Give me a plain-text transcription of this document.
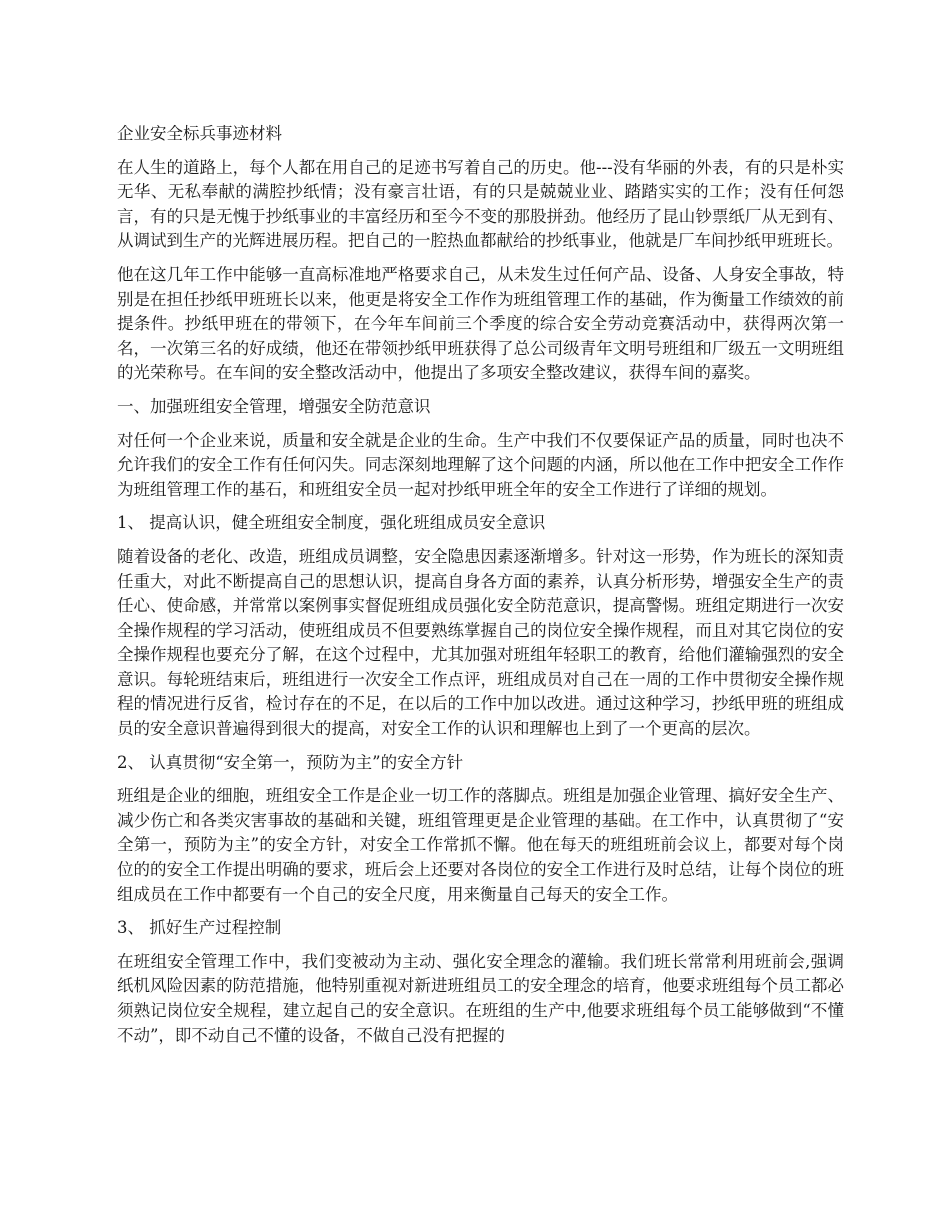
企业安全标兵事迹材料
在人生的道路上，每个人都在用自己的足迹书写着自己的历史。他---没有华丽的外表，有的只是朴实无华、无私奉献的满腔抄纸情；没有豪言壮语，有的只是兢兢业业、踏踏实实的工作；没有任何怨言，有的只是无愧于抄纸事业的丰富经历和至今不变的那股拼劲。他经历了昆山钞票纸厂从无到有、从调试到生产的光辉进展历程。把自己的一腔热血都献给的抄纸事业，他就是厂车间抄纸甲班班长。
他在这几年工作中能够一直高标准地严格要求自己，从未发生过任何产品、设备、人身安全事故，特别是在担任抄纸甲班班长以来，他更是将安全工作作为班组管理工作的基础，作为衡量工作绩效的前提条件。抄纸甲班在的带领下，在今年车间前三个季度的综合安全劳动竞赛活动中，获得两次第一名，一次第三名的好成绩，他还在带领抄纸甲班获得了总公司级青年文明号班组和厂级五一文明班组的光荣称号。在车间的安全整改活动中，他提出了多项安全整改建议，获得车间的嘉奖。
一、加强班组安全管理，增强安全防范意识
对任何一个企业来说，质量和安全就是企业的生命。生产中我们不仅要保证产品的质量，同时也决不允许我们的安全工作有任何闪失。同志深刻地理解了这个问题的内涵，所以他在工作中把安全工作作为班组管理工作的基石，和班组安全员一起对抄纸甲班全年的安全工作进行了详细的规划。
1、 提高认识，健全班组安全制度，强化班组成员安全意识
随着设备的老化、改造，班组成员调整，安全隐患因素逐渐增多。针对这一形势，作为班长的深知责任重大，对此不断提高自己的思想认识，提高自身各方面的素养，认真分析形势，增强安全生产的责任心、使命感，并常常以案例事实督促班组成员强化安全防范意识，提高警惕。班组定期进行一次安全操作规程的学习活动，使班组成员不但要熟练掌握自己的岗位安全操作规程，而且对其它岗位的安全操作规程也要充分了解，在这个过程中，尤其加强对班组年轻职工的教育，给他们灌输强烈的安全意识。每轮班结束后，班组进行一次安全工作点评，班组成员对自己在一周的工作中贯彻安全操作规程的情况进行反省，检讨存在的不足，在以后的工作中加以改进。通过这种学习，抄纸甲班的班组成员的安全意识普遍得到很大的提高，对安全工作的认识和理解也上到了一个更高的层次。
2、 认真贯彻“安全第一，预防为主”的安全方针
班组是企业的细胞，班组安全工作是企业一切工作的落脚点。班组是加强企业管理、搞好安全生产、减少伤亡和各类灾害事故的基础和关键，班组管理更是企业管理的基础。在工作中，认真贯彻了“安全第一，预防为主”的安全方针，对安全工作常抓不懈。他在每天的班组班前会议上，都要对每个岗位的的安全工作提出明确的要求，班后会上还要对各岗位的安全工作进行及时总结，让每个岗位的班组成员在工作中都要有一个自己的安全尺度，用来衡量自己每天的安全工作。
3、 抓好生产过程控制
在班组安全管理工作中，我们变被动为主动、强化安全理念的灌输。我们班长常常利用班前会,强调纸机风险因素的防范措施，他特别重视对新进班组员工的安全理念的培育，他要求班组每个员工都必须熟记岗位安全规程，建立起自己的安全意识。在班组的生产中,他要求班组每个员工能够做到“不懂不动”，即不动自己不懂的设备，不做自己没有把握的
